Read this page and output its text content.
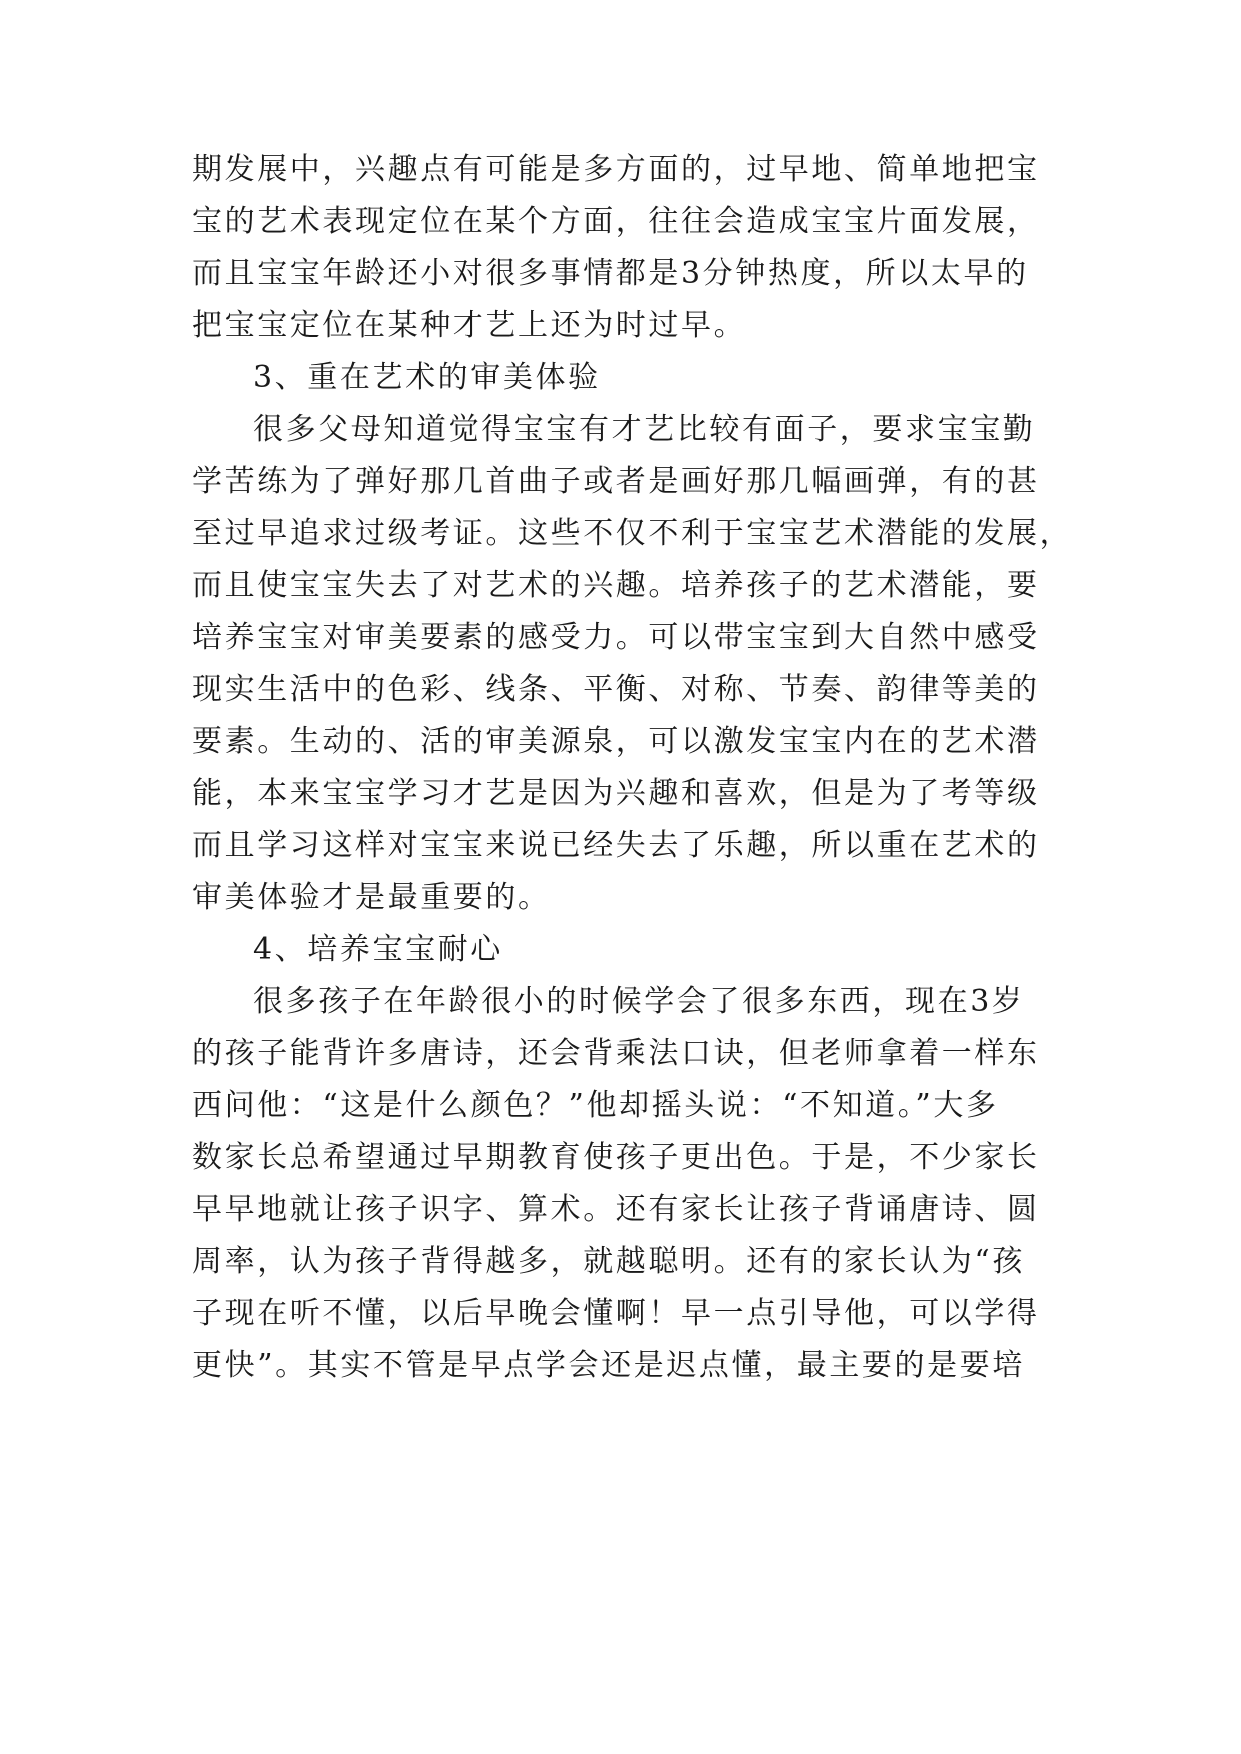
期发展中，兴趣点有可能是多方面的，过早地、简单地把宝
宝的艺术表现定位在某个方面，往往会造成宝宝片面发展，
而且宝宝年龄还小对很多事情都是3分钟热度，所以太早的
把宝宝定位在某种才艺上还为时过早。
3、重在艺术的审美体验
很多父母知道觉得宝宝有才艺比较有面子，要求宝宝勤
学苦练为了弹好那几首曲子或者是画好那几幅画弹，有的甚
至过早追求过级考证。这些不仅不利于宝宝艺术潜能的发展，
而且使宝宝失去了对艺术的兴趣。培养孩子的艺术潜能，要
培养宝宝对审美要素的感受力。可以带宝宝到大自然中感受
现实生活中的色彩、线条、平衡、对称、节奏、韵律等美的
要素。生动的、活的审美源泉，可以激发宝宝内在的艺术潜
能，本来宝宝学习才艺是因为兴趣和喜欢，但是为了考等级
而且学习这样对宝宝来说已经失去了乐趣，所以重在艺术的
审美体验才是最重要的。
4、培养宝宝耐心
很多孩子在年龄很小的时候学会了很多东西，现在3岁
的孩子能背许多唐诗，还会背乘法口诀，但老师拿着一样东
西问他：“这是什么颜色？”他却摇头说：“不知道。”大多
数家长总希望通过早期教育使孩子更出色。于是，不少家长
早早地就让孩子识字、算术。还有家长让孩子背诵唐诗、圆
周率，认为孩子背得越多，就越聪明。还有的家长认为“孩
子现在听不懂，以后早晚会懂啊！早一点引导他，可以学得
更快”。其实不管是早点学会还是迟点懂，最主要的是要培
